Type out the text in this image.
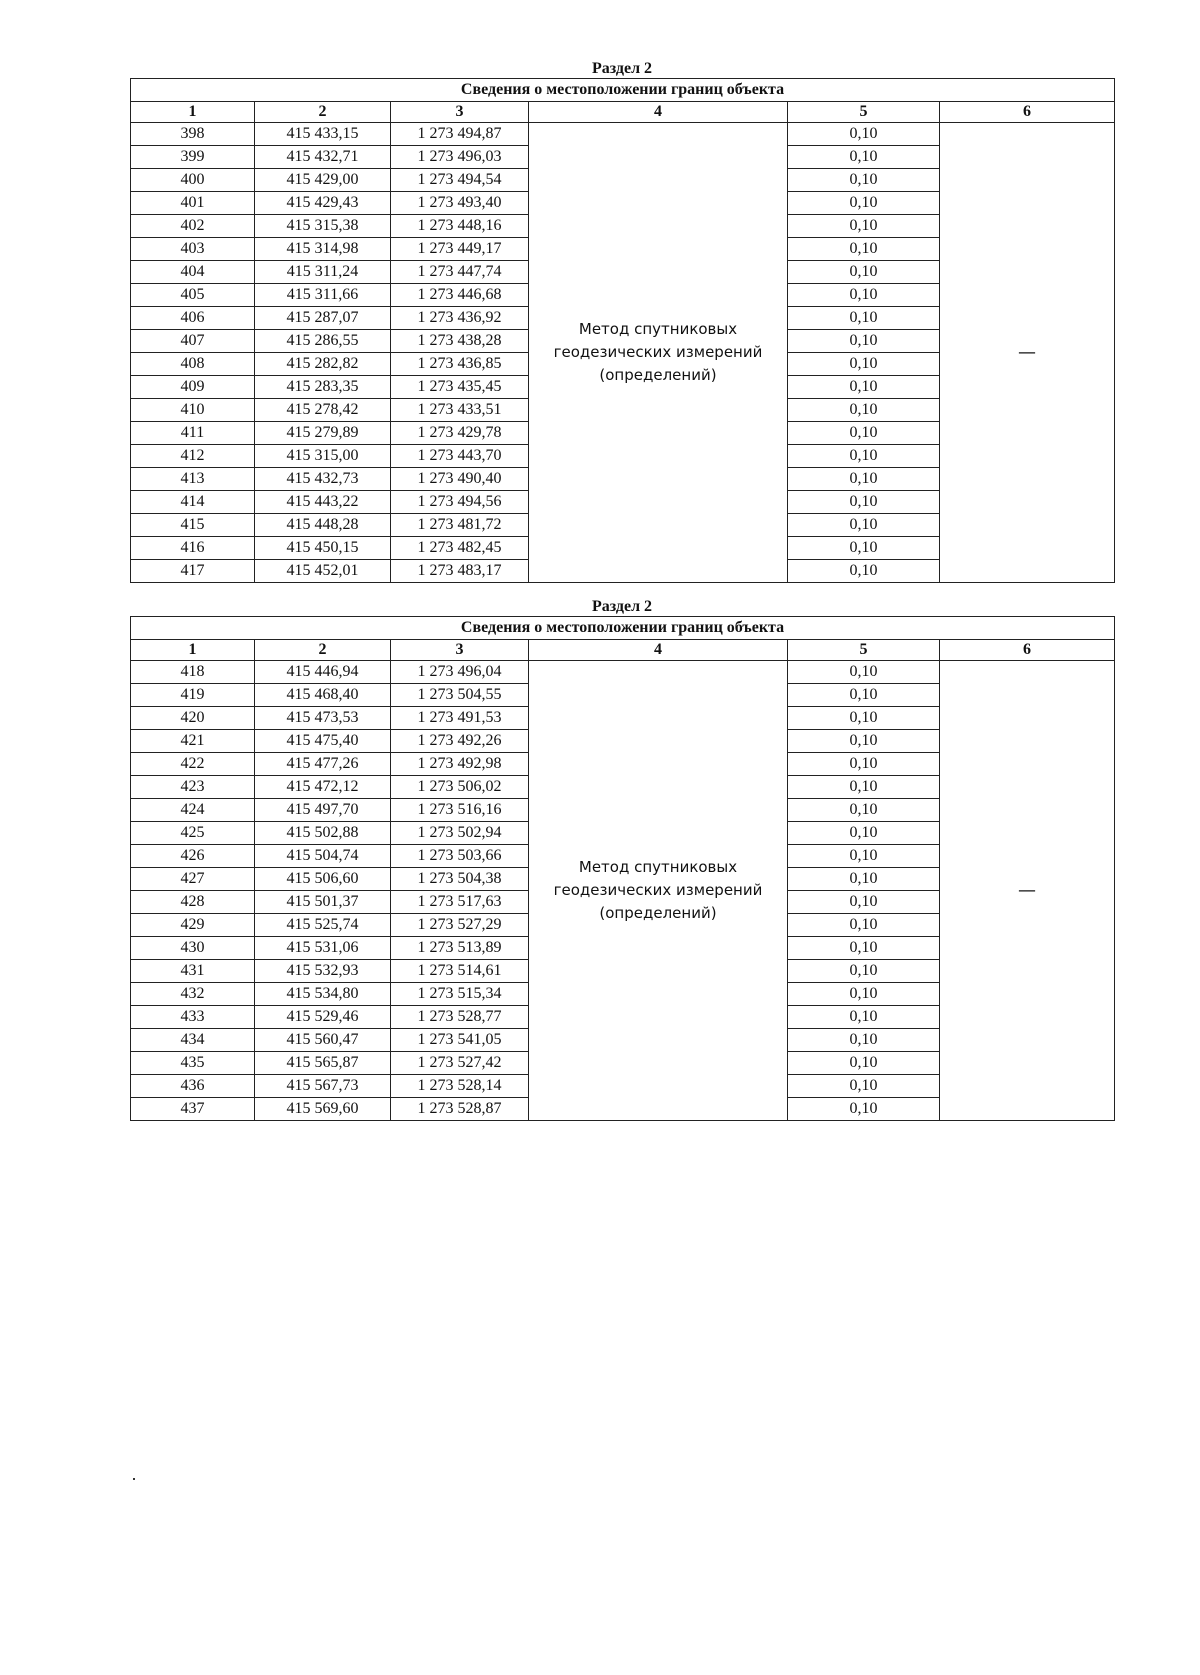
Раздел 2
Сведения о местоположении границ объекта					
1	2	3	4	5	6
398	415 433,15	1 273 494,87	Метод спутниковых
геодезических измерений
(определений)	0,10	—
399	415 432,71	1 273 496,03		0,10	
400	415 429,00	1 273 494,54		0,10	
401	415 429,43	1 273 493,40		0,10	
402	415 315,38	1 273 448,16		0,10	
403	415 314,98	1 273 449,17		0,10	
404	415 311,24	1 273 447,74		0,10	
405	415 311,66	1 273 446,68		0,10	
406	415 287,07	1 273 436,92		0,10	
407	415 286,55	1 273 438,28		0,10	
408	415 282,82	1 273 436,85		0,10	
409	415 283,35	1 273 435,45		0,10	
410	415 278,42	1 273 433,51		0,10	
411	415 279,89	1 273 429,78		0,10	
412	415 315,00	1 273 443,70		0,10	
413	415 432,73	1 273 490,40		0,10	
414	415 443,22	1 273 494,56		0,10	
415	415 448,28	1 273 481,72		0,10	
416	415 450,15	1 273 482,45		0,10	
417	415 452,01	1 273 483,17		0,10	
Раздел 2
Сведения о местоположении границ объекта					
1	2	3	4	5	6
418	415 446,94	1 273 496,04	Метод спутниковых
геодезических измерений
(определений)	0,10	—
419	415 468,40	1 273 504,55		0,10	
420	415 473,53	1 273 491,53		0,10	
421	415 475,40	1 273 492,26		0,10	
422	415 477,26	1 273 492,98		0,10	
423	415 472,12	1 273 506,02		0,10	
424	415 497,70	1 273 516,16		0,10	
425	415 502,88	1 273 502,94		0,10	
426	415 504,74	1 273 503,66		0,10	
427	415 506,60	1 273 504,38		0,10	
428	415 501,37	1 273 517,63		0,10	
429	415 525,74	1 273 527,29		0,10	
430	415 531,06	1 273 513,89		0,10	
431	415 532,93	1 273 514,61		0,10	
432	415 534,80	1 273 515,34		0,10	
433	415 529,46	1 273 528,77		0,10	
434	415 560,47	1 273 541,05		0,10	
435	415 565,87	1 273 527,42		0,10	
436	415 567,73	1 273 528,14		0,10	
437	415 569,60	1 273 528,87		0,10	
